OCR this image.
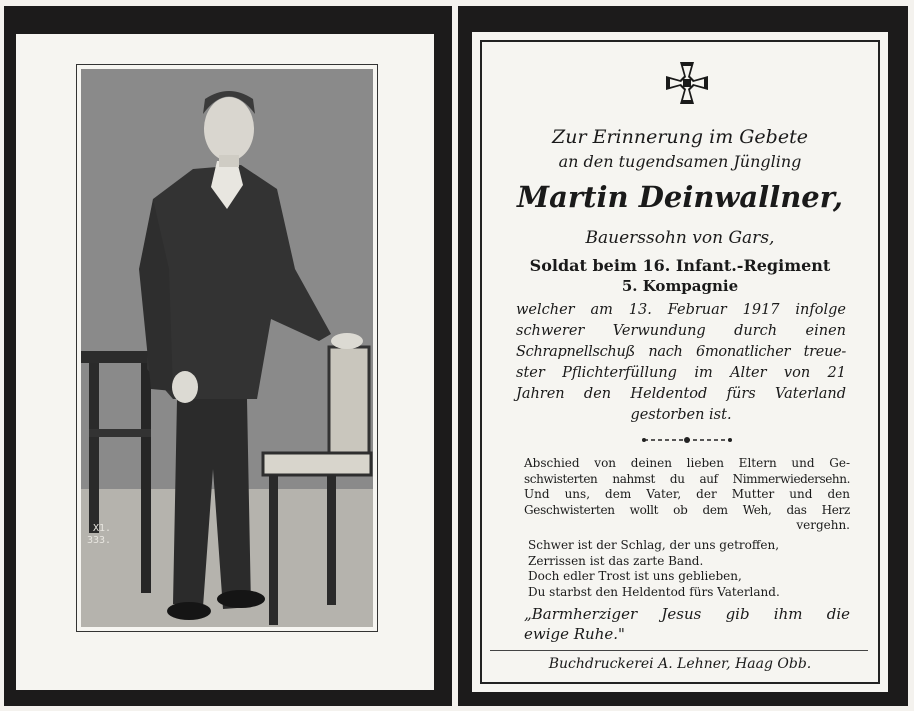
X1.
333.
Zur Erinnerung im Gebete
an den tugendsamen Jüngling
Martin Deinwallner,
Bauerssohn von Gars,
Soldat beim 16. Infant.-Regiment
5. Kompagnie
welcher am 13. Februar 1917 infolge
schwerer Verwundung durch einen
Schrapnellschuß nach 6monatlicher treue-
ster Pflichterfüllung im Alter von 21
Jahren den Heldentod fürs Vaterland
gestorben ist.
Abschied von deinen lieben Eltern und Ge-
schwisterten nahmst du auf Nimmerwiedersehn.
Und uns, dem Vater, der Mutter und den
Geschwisterten wollt ob dem Weh, das Herz
vergehn.
Schwer ist der Schlag, der uns getroffen,
Zerrissen ist das zarte Band.
Doch edler Trost ist uns geblieben,
Du starbst den Heldentod fürs Vaterland.
„Barmherziger Jesus gib ihm die
ewige Ruhe."
Buchdruckerei A. Lehner, Haag Obb.
